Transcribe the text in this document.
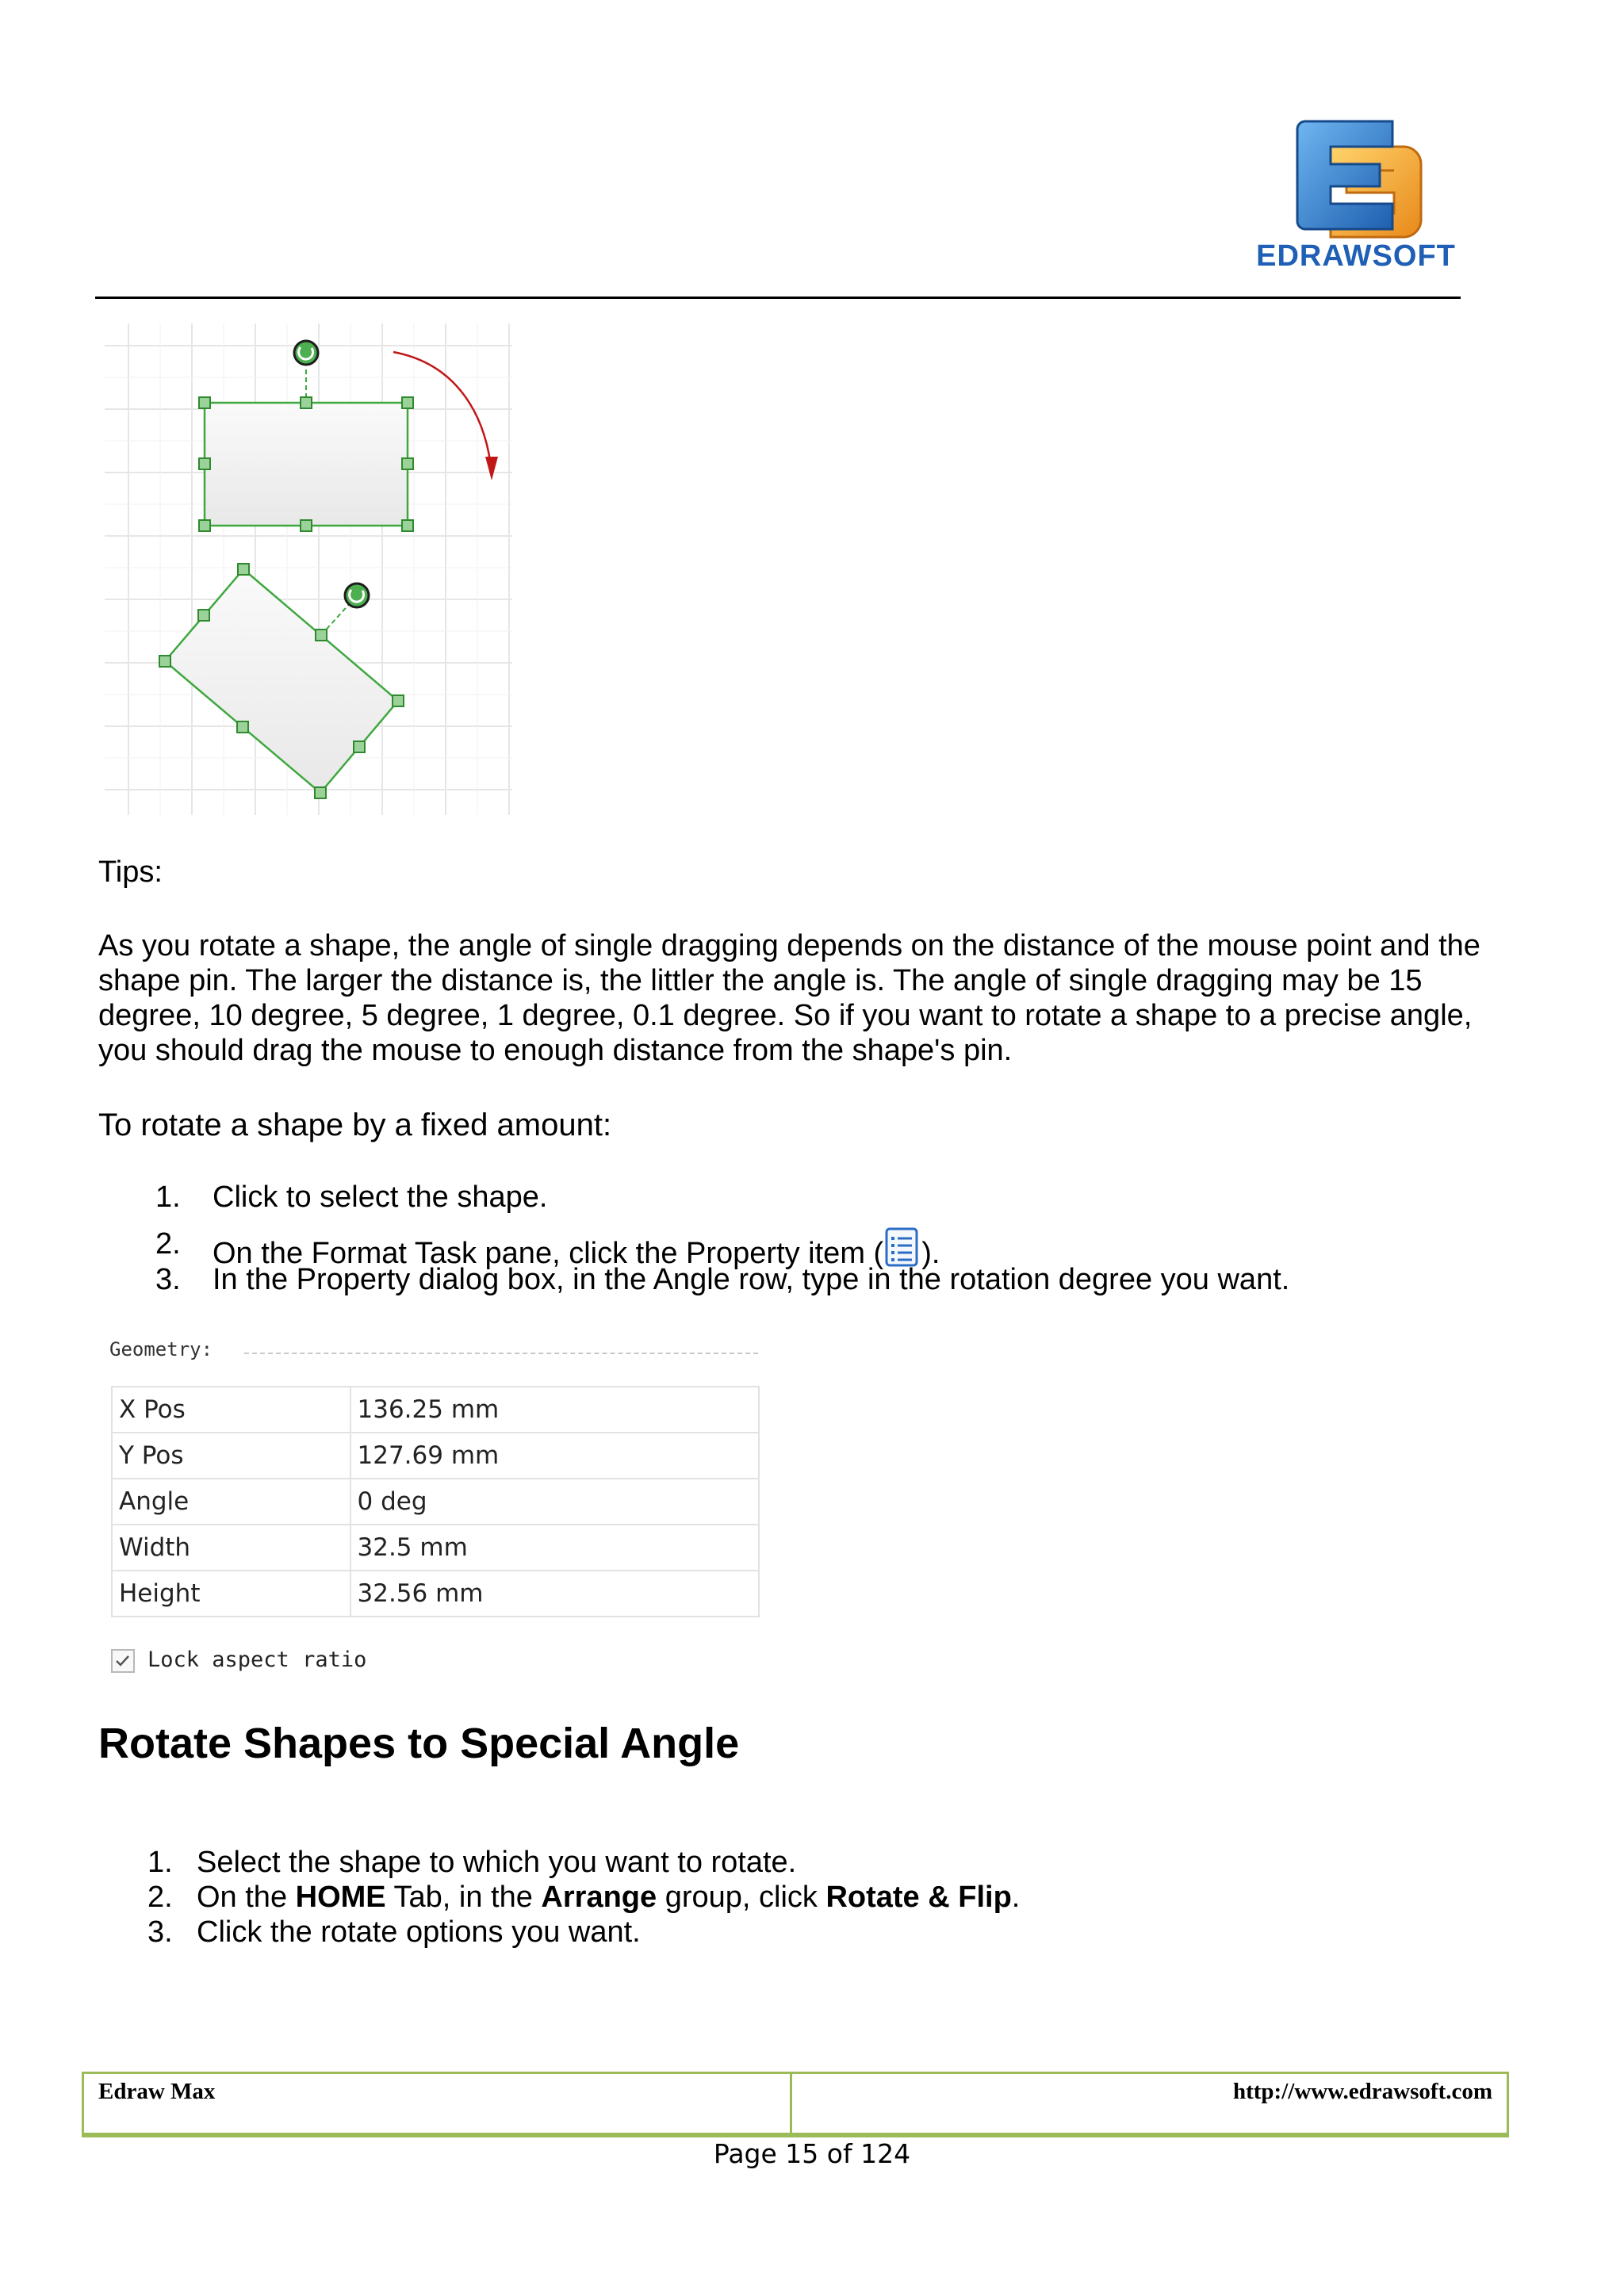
EDRAWSOFT
Tips:

As you rotate a shape, the angle of single dragging depends on the distance of the mouse point and the shape pin. The larger the distance is, the littler the angle is. The angle of single dragging may be 15 degree, 10 degree, 5 degree, 1 degree, 0.1 degree. So if you want to rotate a shape to a precise angle, you should drag the mouse to enough distance from the shape's pin.

To rotate a shape by a fixed amount:
1.	Click to select the shape.
2.	On the Format Task pane, click the Property item ( ).
3.	In the Property dialog box, in the Angle row, type in the rotation degree you want.
Geometry:
X Pos	136.25 mm
Y Pos	127.69 mm
Angle	0 deg
Width	32.5 mm
Height	32.56 mm
Lock aspect ratio
Rotate Shapes to Special Angle
1. Select the shape to which you want to rotate.
2. On the HOME Tab, in the Arrange group, click Rotate & Flip.
3. Click the rotate options you want.
Edraw Max	http://www.edrawsoft.com
Page 15 of 124
